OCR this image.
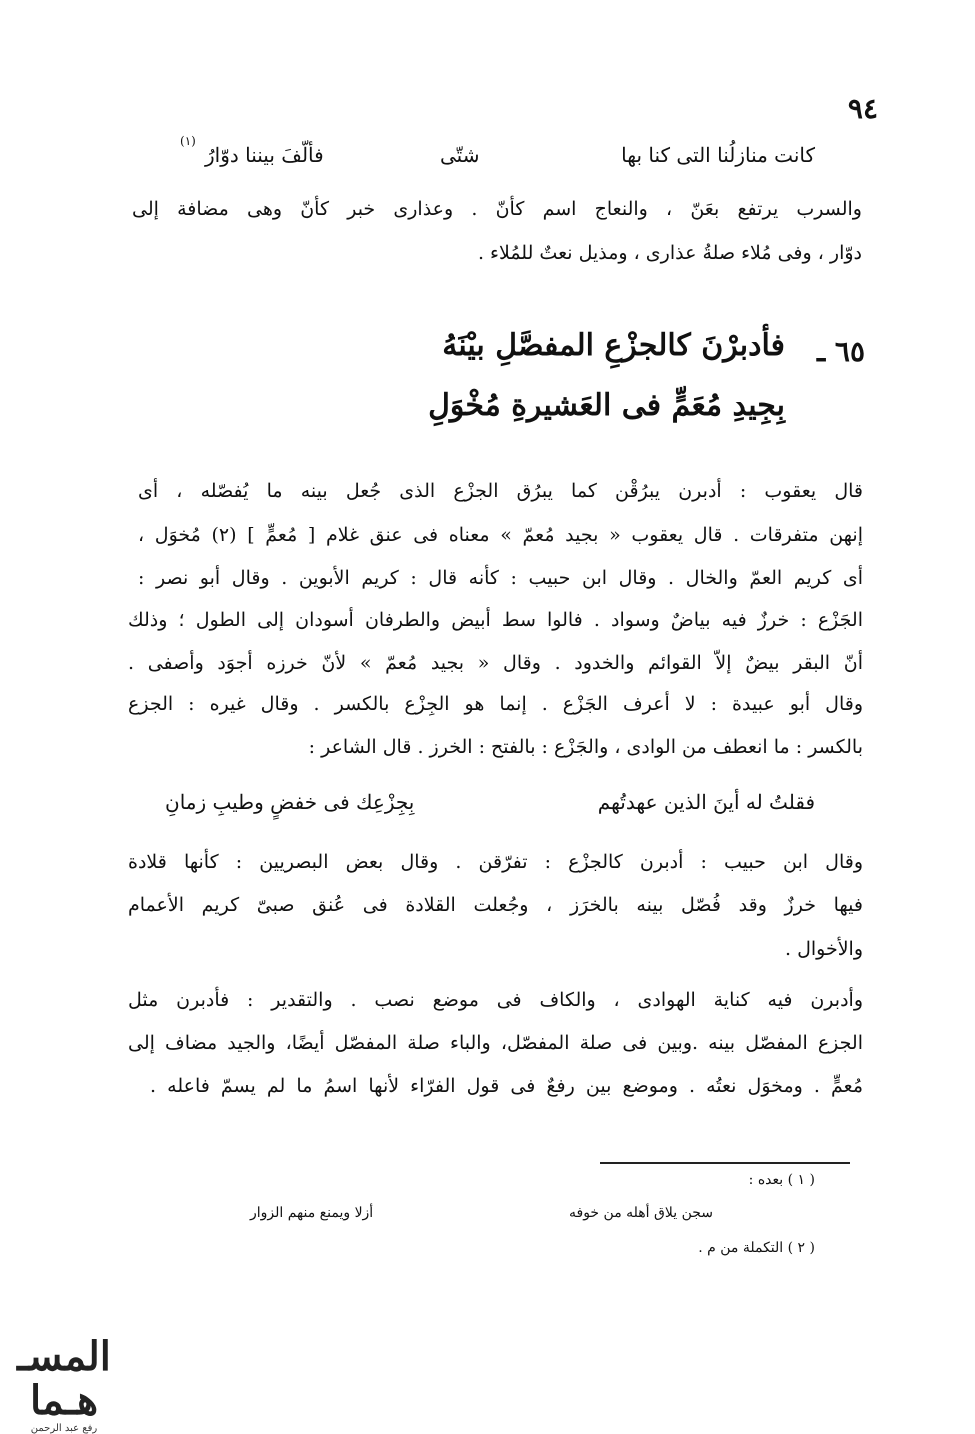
٩٤
كانت منازلُنا التى كنا بها
شتّى
فألّفَ بيننا دوّارُ
(١)
والسرب يرتفع بعَنّ ، والنعاج اسم كأنّ . وعذارى خبر كأنّ وهى مضافة إلى
دوّار ، وفى مُلاء صلةُ عذارى ، ومذيل نعتٌ للمُلاء .
٦٥ ـ
فأدبرْنَ كالجزْعِ المفصَّلِ بيْنَهُ
بِجِيدِ مُعَمٍّ فى العَشيرةِ مُخْوَلِ
قال يعقوب : أدبرن يبرُقْن كما يبرُق الجزْع الذى جُعل بينه ما يُفصّله ، أى
إنهن متفرقات . قال يعقوب « بجيد مُعمّ » معناه فى عنق غلام [ مُعمٍّ ] (٢) مُخوَل ،
أى كريم العمّ والخال . وقال ابن حبيب : كأنه قال : كريم الأبوين . وقال أبو نصر :
الجَزْع : خرزٌ فيه بياضٌ وسواد . فالوا سط أبيض والطرفان أسودان إلى الطول ؛ وذلك
أنّ البقر بيضٌ إلاّ القوائم والخدود . وقال « بجيد مُعمّ » لأنّ خرزه أجوَد وأصفى .
وقال أبو عبيدة : لا أعرف الجَزْع . إنما هو الجِزْع بالكسر . وقال غيره : الجزع
بالكسر : ما انعطف من الوادى ، والجَزْع : بالفتح : الخرز . قال الشاعر :
فقلتُ له أينَ الذين عهدتُهم
بِجِزْعِك فى خفضٍ وطيبِ زمانِ
وقال ابن حبيب : أدبرن كالجزْع : تفرّقن . وقال بعض البصريين : كأنها قلادة
فيها خرزٌ وقد فُصّل بينه بالخرَز ، وجُعلت القلادة فى عُنق صبىّ كريم الأعمام
والأخوال .
وأدبرن فيه كناية الهوادى ، والكاف فى موضع نصب . والتقدير : فأدبرن مثل
الجزع المفصّل بينه .وبين فى صلة المفصّل، والباء صلة المفصّل أيضًا، والجيد مضاف إلى
مُعمٍّ . ومخوَل نعتُه . وموضع بين رفعٌ فى قول الفرّاء لأنها اسمُ ما لم يسمّ فاعله .
( ١ ) بعده :
سجن يلاق أهله من خوفه
أزلا ويمنع منهم الزوار
( ٢ ) التكملة من م .
المسـ هـما
رفع عبد الرحمن
